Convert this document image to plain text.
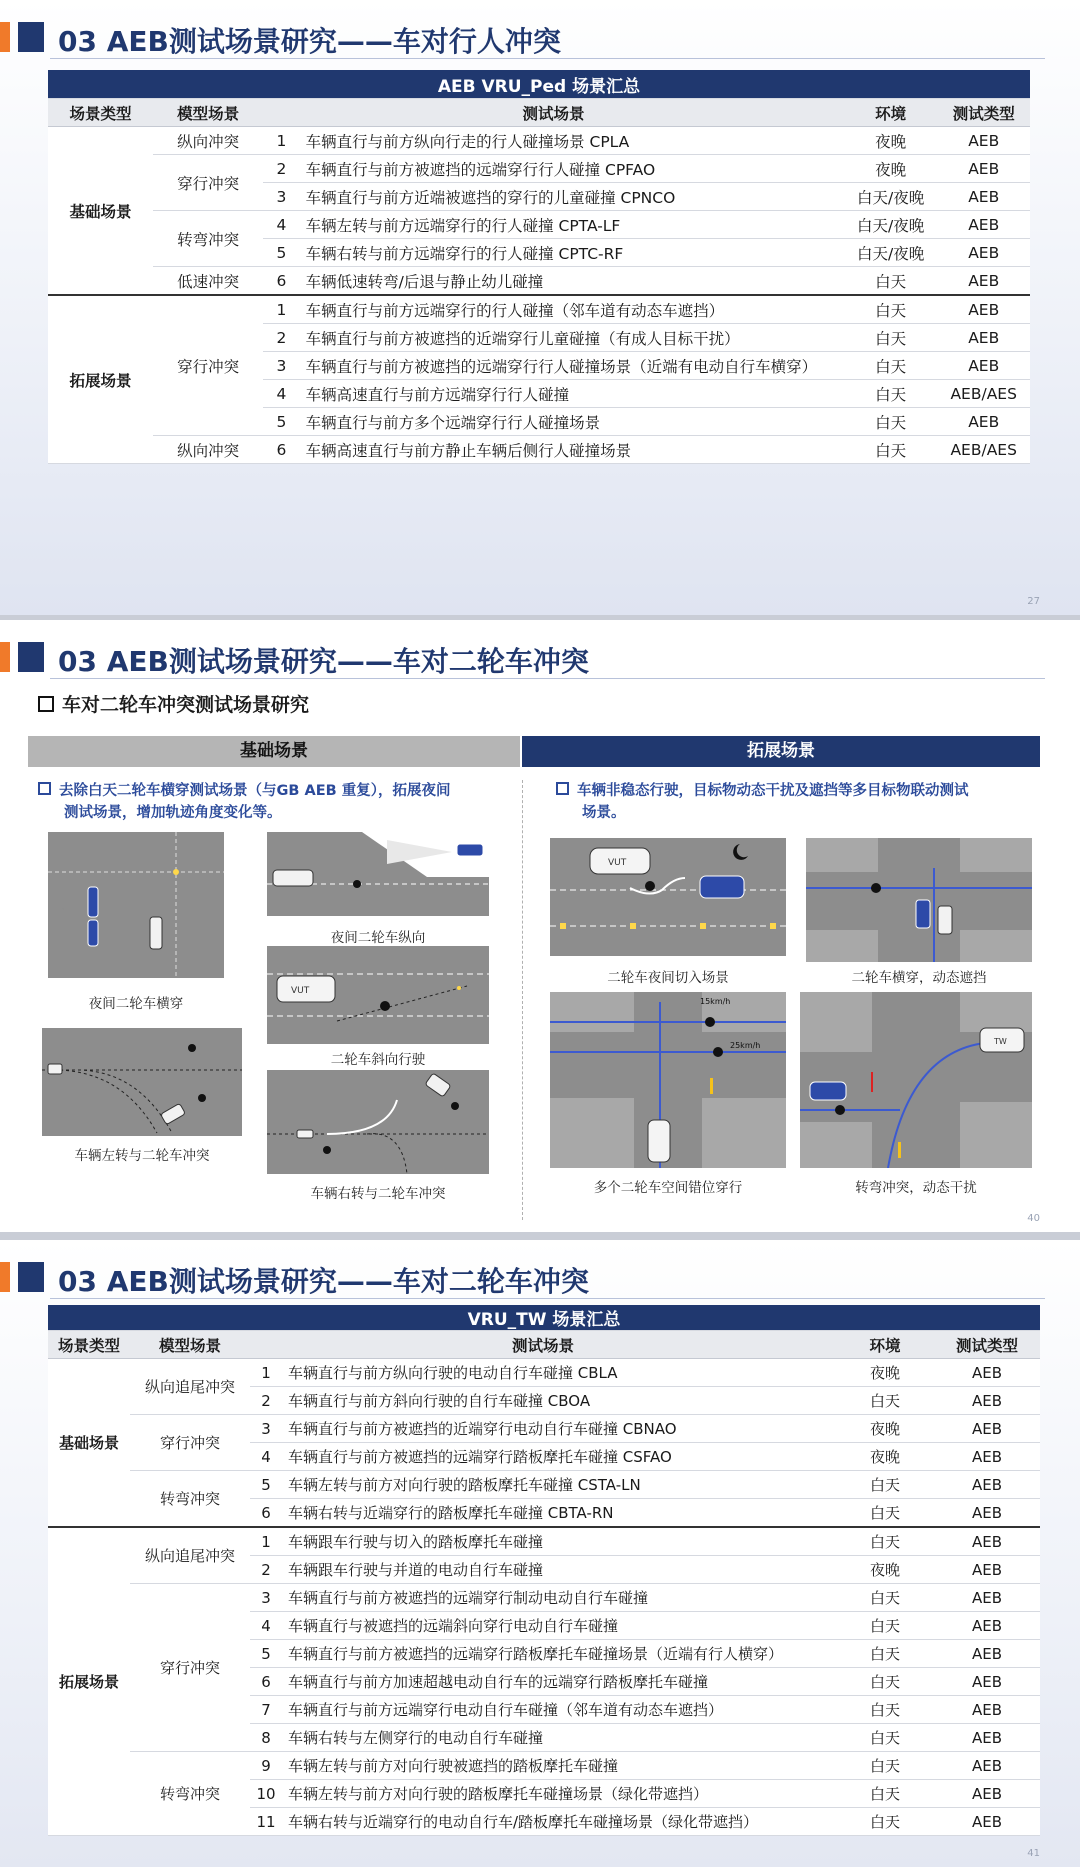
03 AEB测试场景研究——车对行人冲突
AEB VRU_Ped 场景汇总					
场景类型	模型场景	测试场景		环境	测试类型
基础场景	纵向冲突	1	车辆直行与前方纵向行走的行人碰撞场景 CPLA	夜晚	AEB
	穿行冲突	2	车辆直行与前方被遮挡的远端穿行行人碰撞 CPFAO	夜晚	AEB
		3	车辆直行与前方近端被遮挡的穿行的儿童碰撞 CPNCO	白天/夜晚	AEB
	转弯冲突	4	车辆左转与前方远端穿行的行人碰撞 CPTA-LF	白天/夜晚	AEB
		5	车辆右转与前方远端穿行的行人碰撞 CPTC-RF	白天/夜晚	AEB
	低速冲突	6	车辆低速转弯/后退与静止幼儿碰撞	白天	AEB
拓展场景	穿行冲突	1	车辆直行与前方远端穿行的行人碰撞（邻车道有动态车遮挡）	白天	AEB
		2	车辆直行与前方被遮挡的近端穿行儿童碰撞（有成人目标干扰）	白天	AEB
		3	车辆直行与前方被遮挡的远端穿行行人碰撞场景（近端有电动自行车横穿）	白天	AEB
		4	车辆高速直行与前方远端穿行行人碰撞	白天	AEB/AES
		5	车辆直行与前方多个远端穿行行人碰撞场景	白天	AEB
	纵向冲突	6	车辆高速直行与前方静止车辆后侧行人碰撞场景	白天	AEB/AES
27
03 AEB测试场景研究——车对二轮车冲突
车对二轮车冲突测试场景研究
基础场景	拓展场景
去除白天二轮车横穿测试场景（与GB AEB 重复），拓展夜间
测试场景，增加轨迹角度变化等。
车辆非稳态行驶，目标物动态干扰及遮挡等多目标物联动测试
场景。
夜间二轮车横穿
夜间二轮车纵向
VUT
二轮车斜向行驶
车辆左转与二轮车冲突
车辆右转与二轮车冲突
VUT
二轮车夜间切入场景	二轮车横穿，动态遮挡
15km/h
25km/h
多个二轮车空间错位穿行
TW
转弯冲突，动态干扰
40
03 AEB测试场景研究——车对二轮车冲突
VRU_TW 场景汇总					
场景类型	模型场景	测试场景		环境	测试类型
基础场景	纵向追尾冲突	1	车辆直行与前方纵向行驶的电动自行车碰撞 CBLA	夜晚	AEB
		2	车辆直行与前方斜向行驶的自行车碰撞 CBOA	白天	AEB
	穿行冲突	3	车辆直行与前方被遮挡的近端穿行电动自行车碰撞 CBNAO	夜晚	AEB
		4	车辆直行与前方被遮挡的远端穿行踏板摩托车碰撞 CSFAO	夜晚	AEB
	转弯冲突	5	车辆左转与前方对向行驶的踏板摩托车碰撞 CSTA-LN	白天	AEB
		6	车辆右转与近端穿行的踏板摩托车碰撞 CBTA-RN	白天	AEB
拓展场景	纵向追尾冲突	1	车辆跟车行驶与切入的踏板摩托车碰撞	白天	AEB
		2	车辆跟车行驶与并道的电动自行车碰撞	夜晚	AEB
	穿行冲突	3	车辆直行与前方被遮挡的远端穿行制动电动自行车碰撞	白天	AEB
		4	车辆直行与被遮挡的远端斜向穿行电动自行车碰撞	白天	AEB
		5	车辆直行与前方被遮挡的远端穿行踏板摩托车碰撞场景（近端有行人横穿）	白天	AEB
		6	车辆直行与前方加速超越电动自行车的远端穿行踏板摩托车碰撞	白天	AEB
		7	车辆直行与前方远端穿行电动自行车碰撞（邻车道有动态车遮挡）	白天	AEB
		8	车辆右转与左侧穿行的电动自行车碰撞	白天	AEB
	转弯冲突	9	车辆左转与前方对向行驶被遮挡的踏板摩托车碰撞	白天	AEB
		10	车辆左转与前方对向行驶的踏板摩托车碰撞场景（绿化带遮挡）	白天	AEB
		11	车辆右转与近端穿行的电动自行车/踏板摩托车碰撞场景（绿化带遮挡）	白天	AEB
41
